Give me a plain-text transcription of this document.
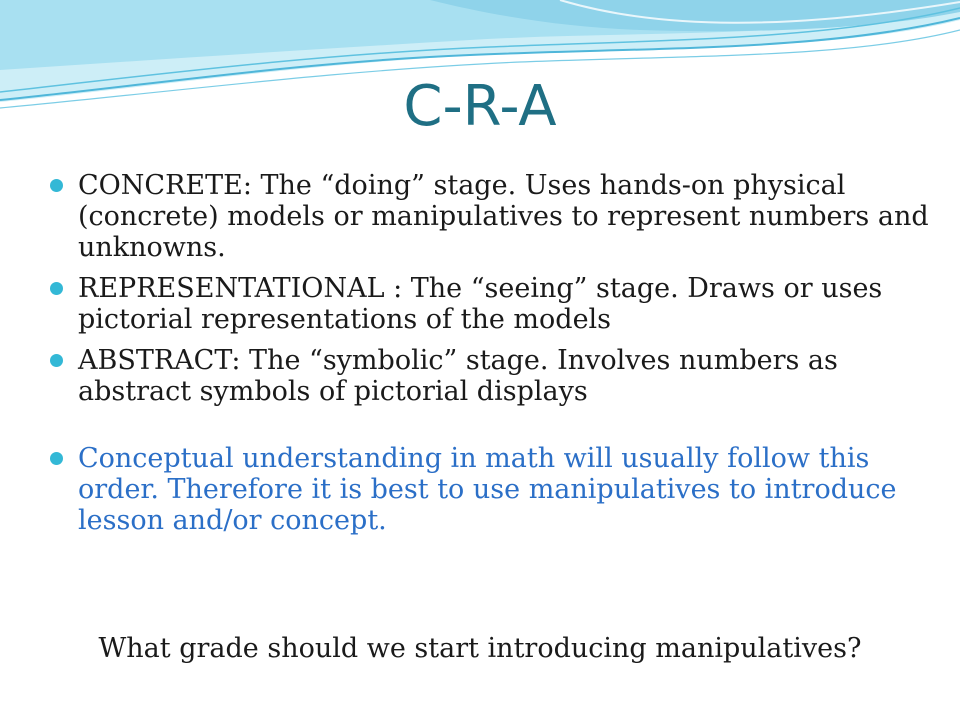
C-R-A
CONCRETE: The “doing” stage. Uses hands-on physical (concrete) models or manipulatives to represent numbers and unknowns.
REPRESENTATIONAL : The “seeing” stage. Draws or uses pictorial representations of the models
ABSTRACT: The “symbolic” stage. Involves numbers as abstract symbols of pictorial displays
Conceptual understanding in math will usually follow this order. Therefore it is best to use manipulatives to introduce lesson and/or concept.
What grade should we start introducing manipulatives?
